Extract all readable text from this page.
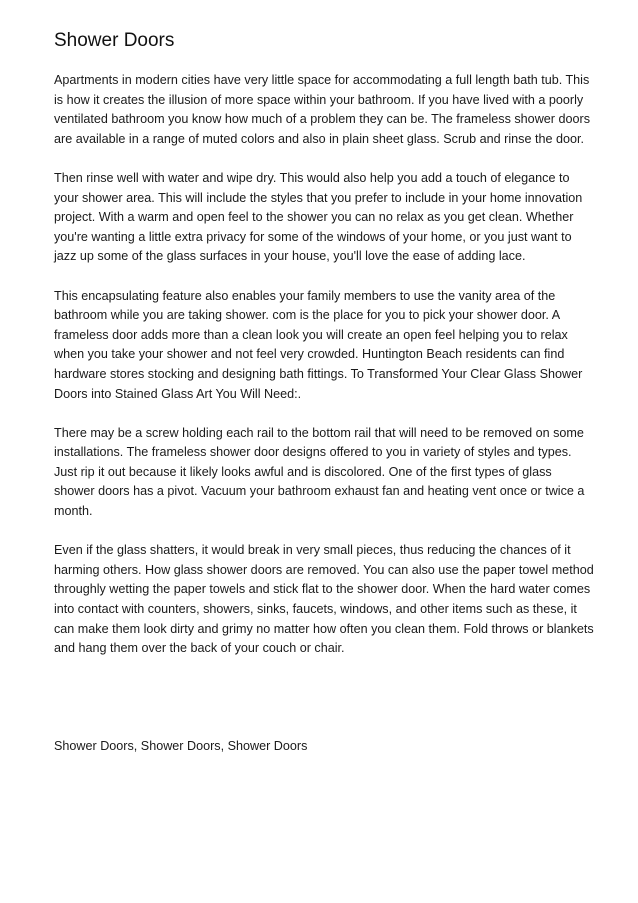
Shower Doors

Apartments in modern cities have very little space for accommodating a full length bath tub. This is how it creates the illusion of more space within your bathroom. If you have lived with a poorly ventilated bathroom you know how much of a problem they can be. The frameless shower doors are available in a range of muted colors and also in plain sheet glass. Scrub and rinse the door.

Then rinse well with water and wipe dry. This would also help you add a touch of elegance to your shower area. This will include the styles that you prefer to include in your home innovation project. With a warm and open feel to the shower you can no relax as you get clean. Whether you're wanting a little extra privacy for some of the windows of your home, or you just want to jazz up some of the glass surfaces in your house, you'll love the ease of adding lace.

This encapsulating feature also enables your family members to use the vanity area of the bathroom while you are taking shower. com is the place for you to pick your shower door. A frameless door adds more than a clean look you will create an open feel helping you to relax when you take your shower and not feel very crowded. Huntington Beach residents can find hardware stores stocking and designing bath fittings. To Transformed Your Clear Glass Shower Doors into Stained Glass Art You Will Need:.

There may be a screw holding each rail to the bottom rail that will need to be removed on some installations. The frameless shower door designs offered to you in variety of styles and types. Just rip it out because it likely looks awful and is discolored. One of the first types of glass shower doors has a pivot. Vacuum your bathroom exhaust fan and heating vent once or twice a month.

Even if the glass shatters, it would break in very small pieces, thus reducing the chances of it harming others. How glass shower doors are removed. You can also use the paper towel method throughly wetting the paper towels and stick flat to the shower door. When the hard water comes into contact with counters, showers, sinks, faucets, windows, and other items such as these, it can make them look dirty and grimy no matter how often you clean them. Fold throws or blankets and hang them over the back of your couch or chair.

Shower Doors, Shower Doors, Shower Doors
